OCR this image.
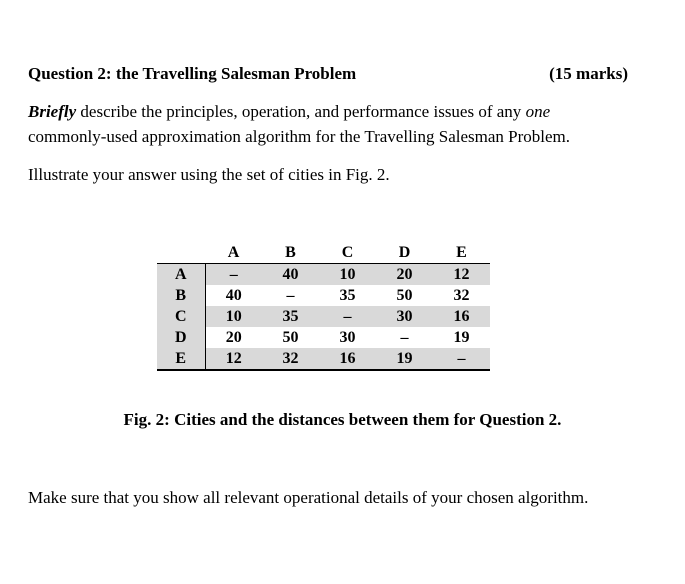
Question 2: the Travelling Salesman Problem	(15 marks)
Briefly describe the principles, operation, and performance issues of any one
commonly-used approximation algorithm for the Travelling Salesman Problem.
Illustrate your answer using the set of cities in Fig. 2.
	A	B	C	D	E
A	–	40	10	20	12
B	40	–	35	50	32
C	10	35	–	30	16
D	20	50	30	–	19
E	12	32	16	19	–
Fig. 2: Cities and the distances between them for Question 2.
Make sure that you show all relevant operational details of your chosen algorithm.
